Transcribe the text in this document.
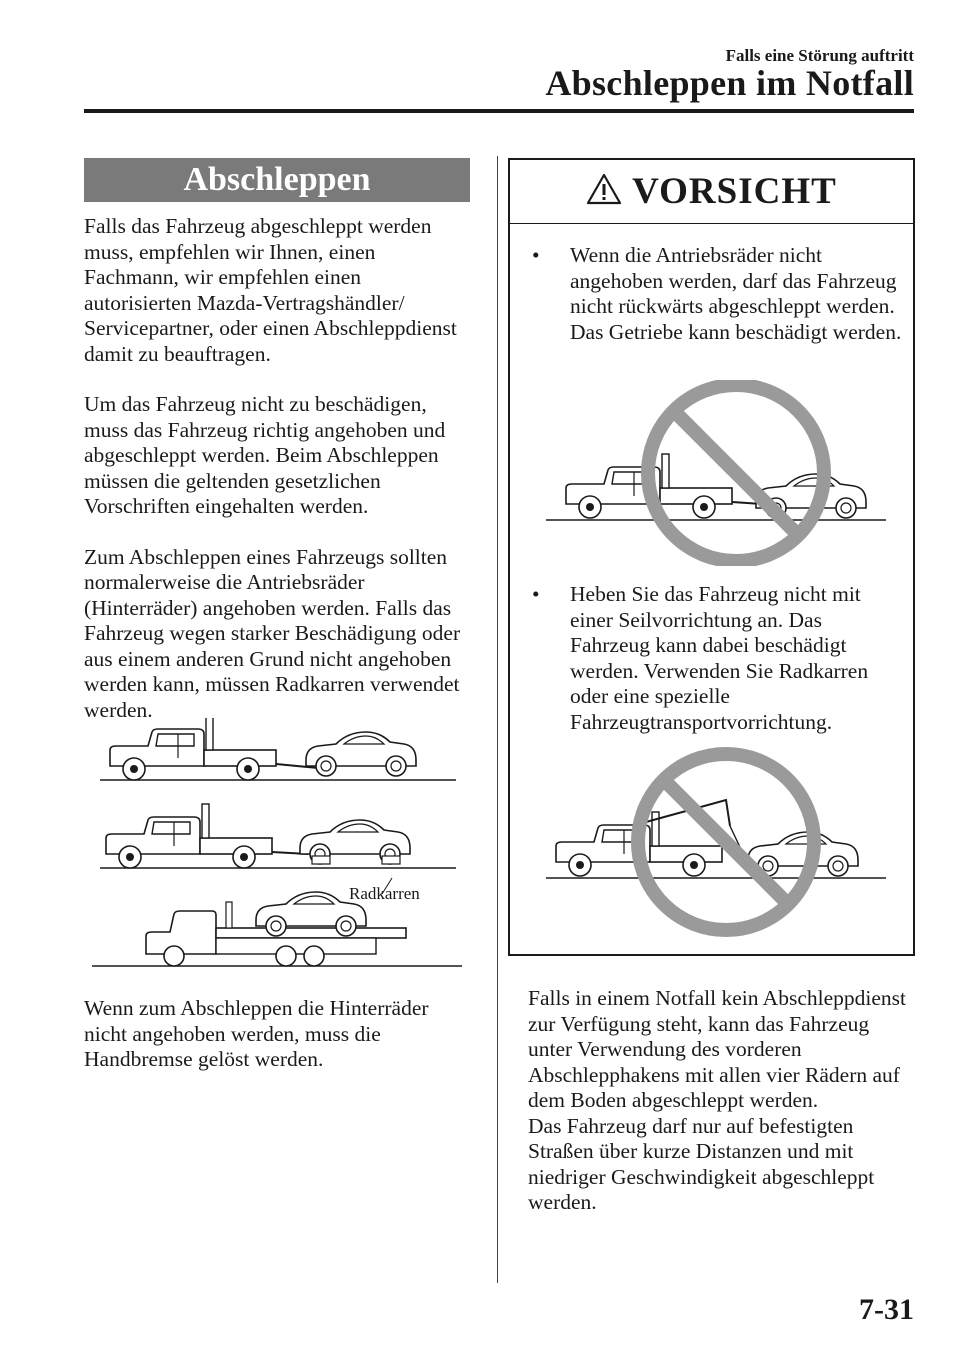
Falls eine Störung auftritt
Abschleppen im Notfall
Abschleppen

Falls das Fahrzeug abgeschleppt werden muss, empfehlen wir Ihnen, einen Fachmann, wir empfehlen einen autorisierten Mazda-Vertragshändler/ Servicepartner, oder einen Abschleppdienst damit zu beauftragen.

Um das Fahrzeug nicht zu beschädigen, muss das Fahrzeug richtig angehoben und abgeschleppt werden. Beim Abschleppen müssen die geltenden gesetzlichen Vorschriften eingehalten werden.

Zum Abschleppen eines Fahrzeugs sollten normalerweise die Antriebsräder (Hinterräder) angehoben werden. Falls das Fahrzeug wegen starker Beschädigung oder aus einem anderen Grund nicht angehoben werden kann, müssen Radkarren verwendet werden.

Wenn zum Abschleppen die Hinterräder nicht angehoben werden, muss die Handbremse gelöst werden.

Radkarren
VORSICHT
• Wenn die Antriebsräder nicht angehoben werden, darf das Fahrzeug nicht rückwärts abgeschleppt werden. Das Getriebe kann beschädigt werden.
• Heben Sie das Fahrzeug nicht mit einer Seilvorrichtung an. Das Fahrzeug kann dabei beschädigt werden. Verwenden Sie Radkarren oder eine spezielle Fahrzeugtransportvorrichtung.

Falls in einem Notfall kein Abschleppdienst zur Verfügung steht, kann das Fahrzeug unter Verwendung des vorderen Abschlepphakens mit allen vier Rädern auf dem Boden abgeschleppt werden.

Das Fahrzeug darf nur auf befestigten Straßen über kurze Distanzen und mit niedriger Geschwindigkeit abgeschleppt werden.

7-31
